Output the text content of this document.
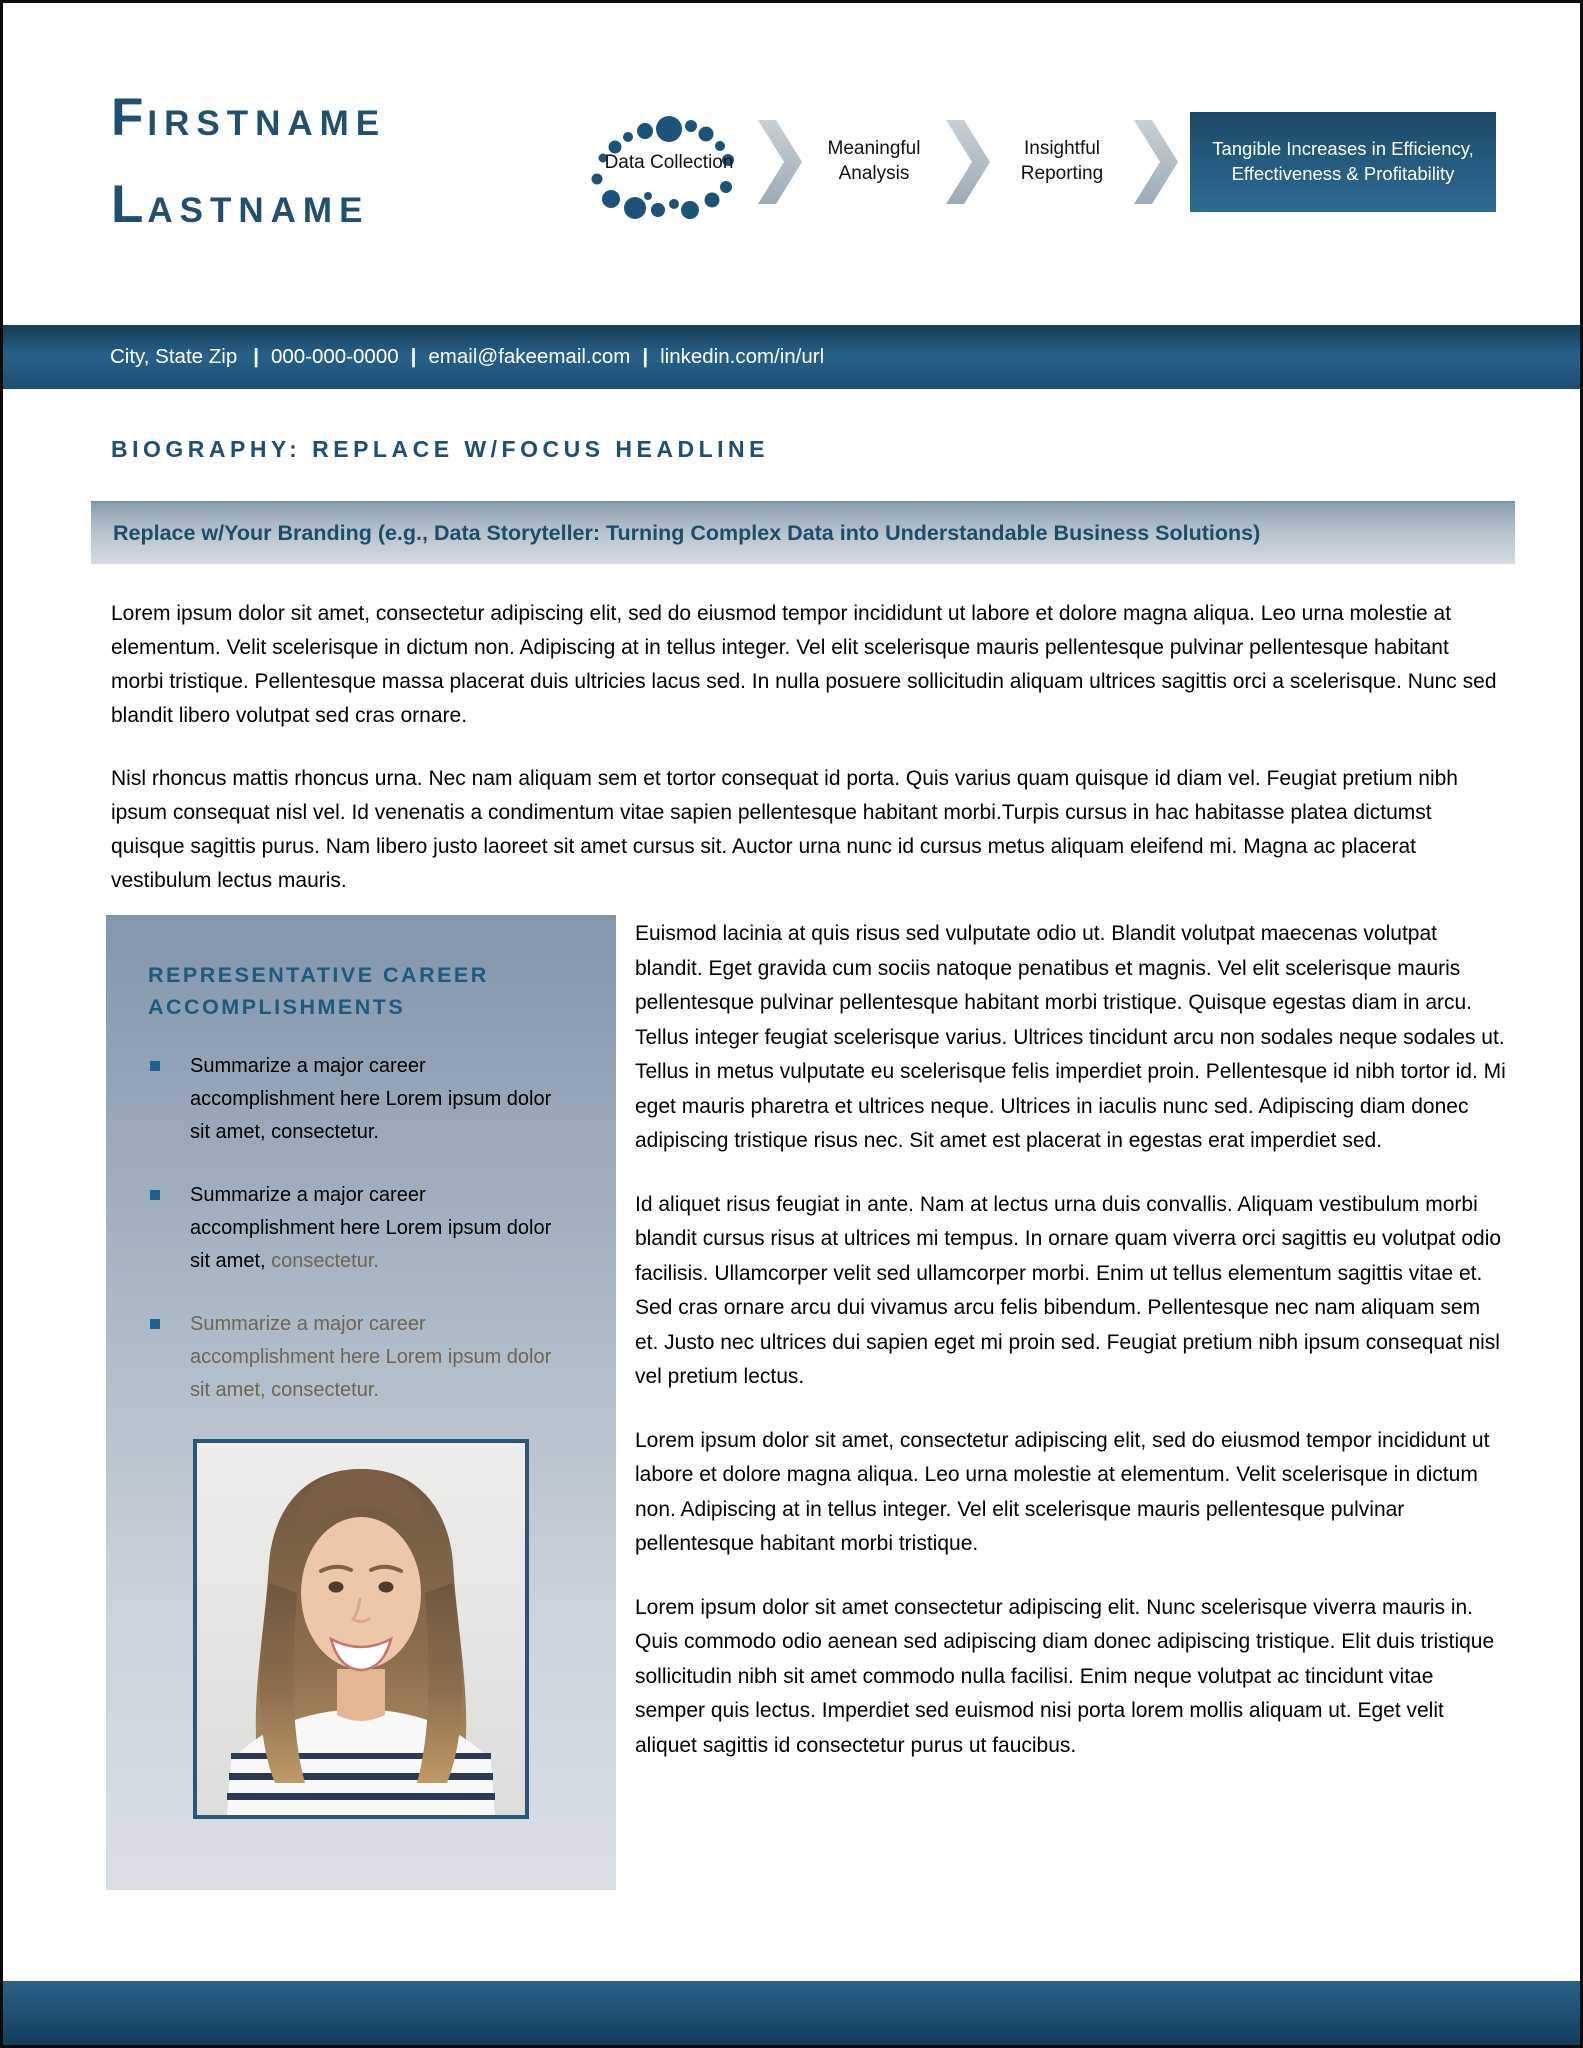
FIRSTNAME
LASTNAME
Data Collection
Meaningful Analysis
Insightful Reporting
Tangible Increases in Efficiency, Effectiveness & Profitability
City, State Zip | 000-000-0000 | email@fakeemail.com | linkedin.com/in/url
BIOGRAPHY: REPLACE W/FOCUS HEADLINE
Replace w/Your Branding (e.g., Data Storyteller: Turning Complex Data into Understandable Business Solutions)

Lorem ipsum dolor sit amet, consectetur adipiscing elit, sed do eiusmod tempor incididunt ut labore et dolore magna aliqua. Leo urna molestie at elementum. Velit scelerisque in dictum non. Adipiscing at in tellus integer. Vel elit scelerisque mauris pellentesque pulvinar pellentesque habitant morbi tristique. Pellentesque massa placerat duis ultricies lacus sed. In nulla posuere sollicitudin aliquam ultrices sagittis orci a scelerisque. Nunc sed blandit libero volutpat sed cras ornare.

Nisl rhoncus mattis rhoncus urna. Nec nam aliquam sem et tortor consequat id porta. Quis varius quam quisque id diam vel. Feugiat pretium nibh ipsum consequat nisl vel. Id venenatis a condimentum vitae sapien pellentesque habitant morbi.Turpis cursus in hac habitasse platea dictumst quisque sagittis purus. Nam libero justo laoreet sit amet cursus sit. Auctor urna nunc id cursus metus aliquam eleifend mi. Magna ac placerat vestibulum lectus mauris.

REPRESENTATIVE CAREER ACCOMPLISHMENTS
Summarize a major career accomplishment here Lorem ipsum dolor sit amet, consectetur.
Summarize a major career accomplishment here Lorem ipsum dolor sit amet, consectetur.
Summarize a major career accomplishment here Lorem ipsum dolor sit amet, consectetur.

Euismod lacinia at quis risus sed vulputate odio ut. Blandit volutpat maecenas volutpat blandit. Eget gravida cum sociis natoque penatibus et magnis. Vel elit scelerisque mauris pellentesque pulvinar pellentesque habitant morbi tristique. Quisque egestas diam in arcu. Tellus integer feugiat scelerisque varius. Ultrices tincidunt arcu non sodales neque sodales ut. Tellus in metus vulputate eu scelerisque felis imperdiet proin. Pellentesque id nibh tortor id. Mi eget mauris pharetra et ultrices neque. Ultrices in iaculis nunc sed. Adipiscing diam donec adipiscing tristique risus nec. Sit amet est placerat in egestas erat imperdiet sed.

Id aliquet risus feugiat in ante. Nam at lectus urna duis convallis. Aliquam vestibulum morbi blandit cursus risus at ultrices mi tempus. In ornare quam viverra orci sagittis eu volutpat odio facilisis. Ullamcorper velit sed ullamcorper morbi. Enim ut tellus elementum sagittis vitae et. Sed cras ornare arcu dui vivamus arcu felis bibendum. Pellentesque nec nam aliquam sem et. Justo nec ultrices dui sapien eget mi proin sed. Feugiat pretium nibh ipsum consequat nisl vel pretium lectus.

Lorem ipsum dolor sit amet, consectetur adipiscing elit, sed do eiusmod tempor incididunt ut labore et dolore magna aliqua. Leo urna molestie at elementum. Velit scelerisque in dictum non. Adipiscing at in tellus integer. Vel elit scelerisque mauris pellentesque pulvinar pellentesque habitant morbi tristique.

Lorem ipsum dolor sit amet consectetur adipiscing elit. Nunc scelerisque viverra mauris in. Quis commodo odio aenean sed adipiscing diam donec adipiscing tristique. Elit duis tristique sollicitudin nibh sit amet commodo nulla facilisi. Enim neque volutpat ac tincidunt vitae semper quis lectus. Imperdiet sed euismod nisi porta lorem mollis aliquam ut. Eget velit aliquet sagittis id consectetur purus ut faucibus.
